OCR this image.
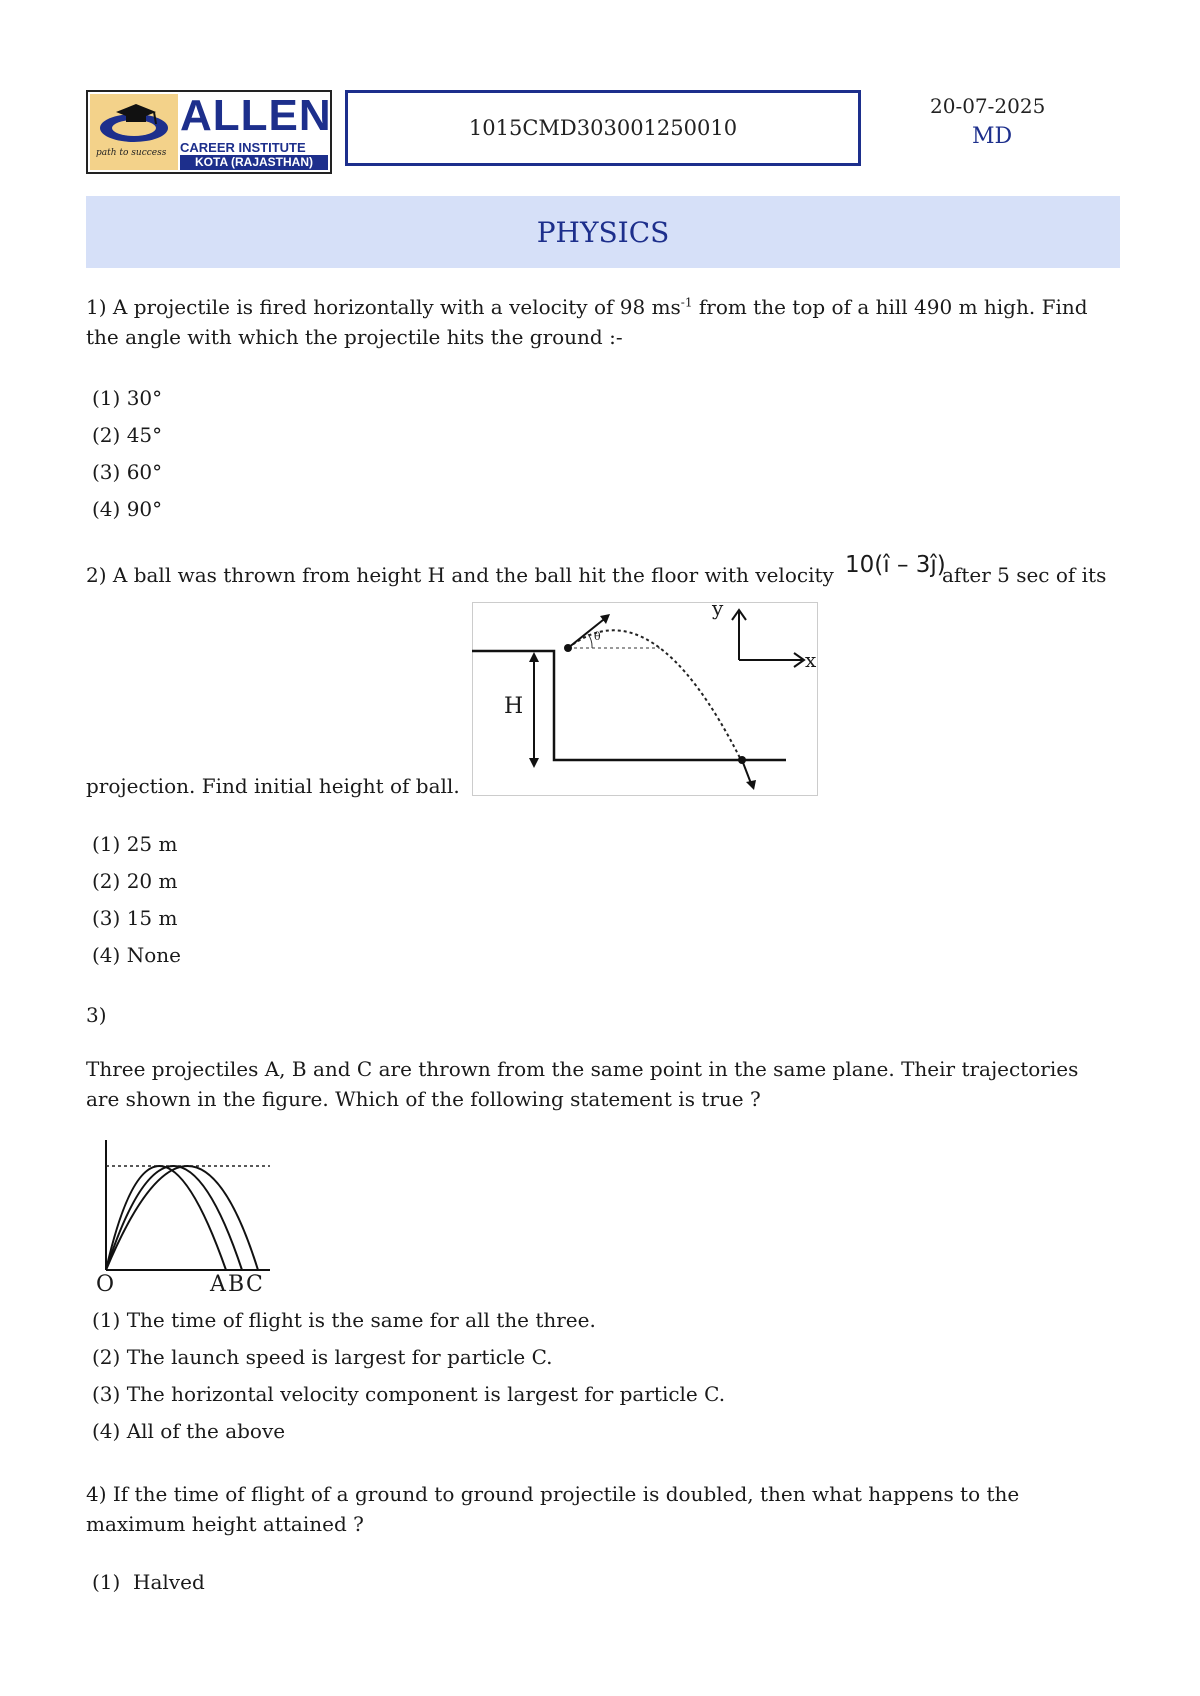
path to success
ALLEN
CAREER INSTITUTE
KOTA (RAJASTHAN)
1015CMD303001250010
20-07-2025
MD
PHYSICS
1) A projectile is fired horizontally with a velocity of 98 $ms^{-1}$ from the top of a hill 490 m high. Find
the angle with which the projectile hits the ground :-
(1) 30°
(2) 45°
(3) 60°
(4) 90°
2) A ball was thrown from height H and the ball hit the floor with velocity 10(î – 3ĵ)
after 5 sec of its
H
θ
x
y
projection. Find initial height of ball.
(1) 25 m
(2) 20 m
(3) 15 m
(4) None
3)
Three projectiles A, B and C are thrown from the same point in the same plane. Their trajectories
are shown in the figure. Which of the following statement is true ?
O	A B C
(1) The time of flight is the same for all the three.
(2) The launch speed is largest for particle C.
(3) The horizontal velocity component is largest for particle C.
(4) All of the above
4) If the time of flight of a ground to ground projectile is doubled, then what happens to the
maximum height attained ?
(1)  Halved
